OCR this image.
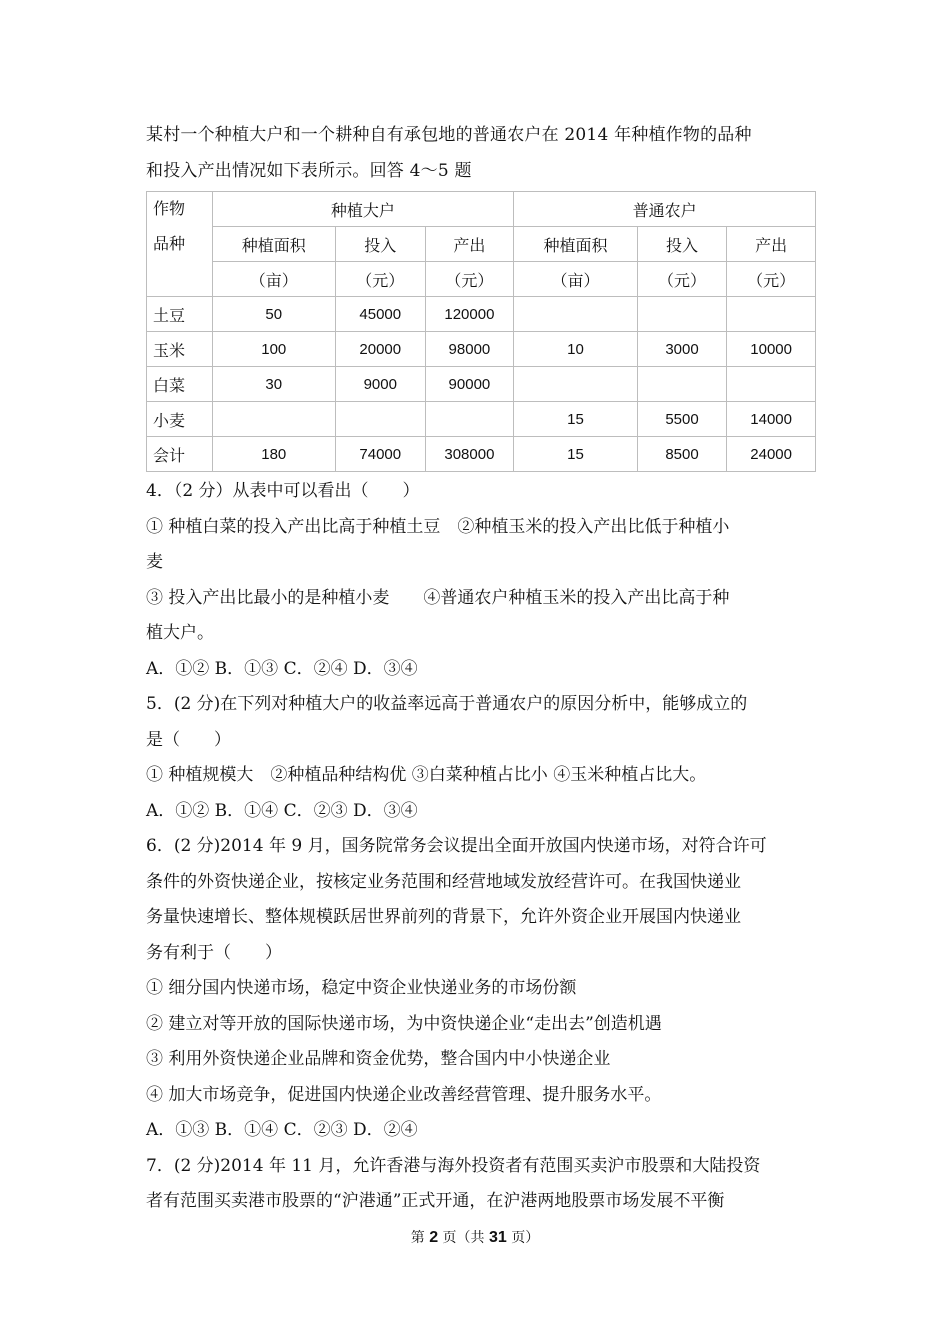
某村一个种植大户和一个耕种自有承包地的普通农户在 2014 年种植作物的品种
和投入产出情况如下表所示。回答 4～5 题
作物
品种	种植大户			普通农户		
	种植面积	投入	产出	种植面积	投入	产出
	（亩）	（元）	（元）	（亩）	（元）	（元）
土豆	50	45000	120000			
玉米	100	20000	98000	10	3000	10000
白菜	30	9000	90000			
小麦				15	5500	14000
会计	180	74000	308000	15	8500	24000
4．（2 分）从表中可以看出（　　）
① 种植白菜的投入产出比高于种植土豆　②种植玉米的投入产出比低于种植小
麦
③ 投入产出比最小的是种植小麦　　④普通农户种植玉米的投入产出比高于种
植大户。
A．①② B．①③ C．②④ D．③④
5．(2 分)在下列对种植大户的收益率远高于普通农户的原因分析中，能够成立的
是（　　）
① 种植规模大　②种植品种结构优 ③白菜种植占比小 ④玉米种植占比大。
A．①② B．①④ C．②③ D．③④
6．(2 分)2014 年 9 月，国务院常务会议提出全面开放国内快递市场，对符合许可
条件的外资快递企业，按核定业务范围和经营地域发放经营许可。在我国快递业
务量快速增长、整体规模跃居世界前列的背景下，允许外资企业开展国内快递业
务有利于（　　）
① 细分国内快递市场，稳定中资企业快递业务的市场份额
② 建立对等开放的国际快递市场，为中资快递企业“走出去”创造机遇
③ 利用外资快递企业品牌和资金优势，整合国内中小快递企业
④ 加大市场竞争，促进国内快递企业改善经营管理、提升服务水平。
A．①③ B．①④ C．②③ D．②④
7．(2 分)2014 年 11 月，允许香港与海外投资者有范围买卖沪市股票和大陆投资
者有范围买卖港市股票的“沪港通”正式开通，在沪港两地股票市场发展不平衡
第 2 页（共 31 页）
